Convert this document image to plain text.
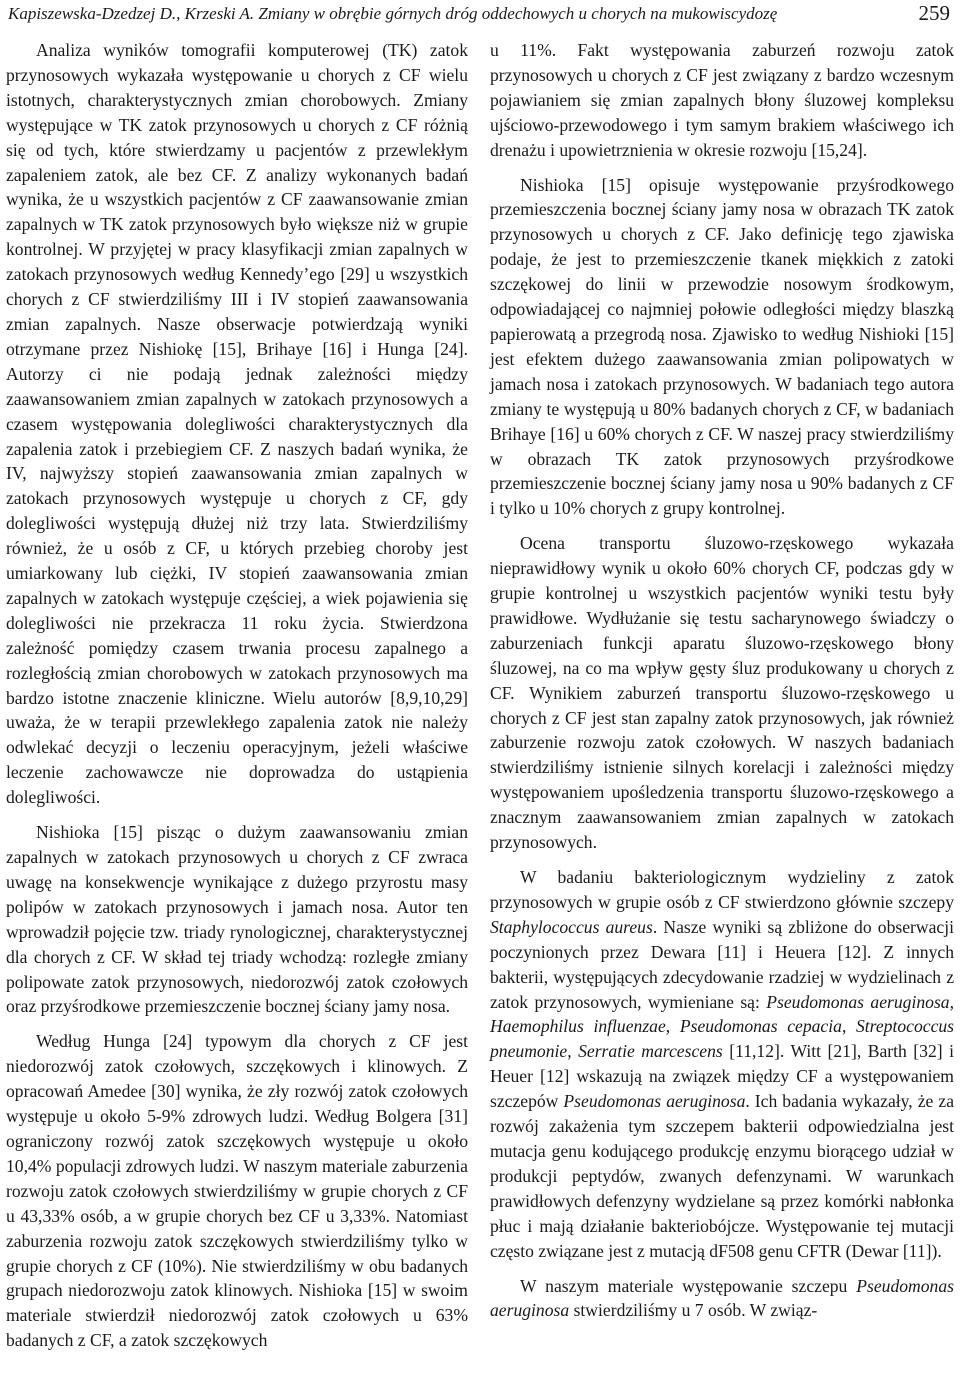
Kapiszewska-Dzedzej D., Krzeski A. Zmiany w obrębie górnych dróg oddechowych u chorych na mukowiscydozę	259

Analiza wyników tomografii komputerowej (TK) zatok przynosowych wykazała występowanie u chorych z CF wielu istotnych, charakterystycznych zmian chorobowych. Zmiany występujące w TK zatok przynosowych u chorych z CF różnią się od tych, które stwierdzamy u pacjentów z przewlekłym zapaleniem zatok, ale bez CF. Z analizy wykonanych badań wynika, że u wszystkich pacjentów z CF zaawansowanie zmian zapalnych w TK zatok przynosowych było większe niż w grupie kontrolnej. W przyjętej w pracy klasyfikacji zmian zapalnych w zatokach przynosowych według Kennedy’ego [29] u wszystkich chorych z CF stwierdziliśmy III i IV stopień zaawansowania zmian zapalnych. Nasze obserwacje potwierdzają wyniki otrzymane przez Nishiokę [15], Brihaye [16] i Hunga [24]. Autorzy ci nie podają jednak zależności między zaawansowaniem zmian zapalnych w zatokach przynosowych a czasem występowania dolegliwości charakterystycznych dla zapalenia zatok i przebiegiem CF. Z naszych badań wynika, że IV, najwyższy stopień zaawansowania zmian zapalnych w zatokach przynosowych występuje u chorych z CF, gdy dolegliwości występują dłużej niż trzy lata. Stwierdziliśmy również, że u osób z CF, u których przebieg choroby jest umiarkowany lub ciężki, IV stopień zaawansowania zmian zapalnych w zatokach występuje częściej, a wiek pojawienia się dolegliwości nie przekracza 11 roku życia. Stwierdzona zależność pomiędzy czasem trwania procesu zapalnego a rozległością zmian chorobowych w zatokach przynosowych ma bardzo istotne znaczenie kliniczne. Wielu autorów [8,9,10,29] uważa, że w terapii przewlekłego zapalenia zatok nie należy odwlekać decyzji o leczeniu operacyjnym, jeżeli właściwe leczenie zachowawcze nie doprowadza do ustąpienia dolegliwości.

Nishioka [15] pisząc o dużym zaawansowaniu zmian zapalnych w zatokach przynosowych u chorych z CF zwraca uwagę na konsekwencje wynikające z dużego przyrostu masy polipów w zatokach przynosowych i jamach nosa. Autor ten wprowadził pojęcie tzw. triady rynologicznej, charakterystycznej dla chorych z CF. W skład tej triady wchodzą: rozległe zmiany polipowate zatok przynosowych, niedorozwój zatok czołowych oraz przyśrodkowe przemieszczenie bocznej ściany jamy nosa.

Według Hunga [24] typowym dla chorych z CF jest niedorozwój zatok czołowych, szczękowych i klinowych. Z opracowań Amedee [30] wynika, że zły rozwój zatok czołowych występuje u około 5-9% zdrowych ludzi. Według Bolgera [31] ograniczony rozwój zatok szczękowych występuje u około 10,4% populacji zdrowych ludzi. W naszym materiale zaburzenia rozwoju zatok czołowych stwierdziliśmy w grupie chorych z CF u 43,33% osób, a w grupie chorych bez CF u 3,33%. Natomiast zaburzenia rozwoju zatok szczękowych stwierdziliśmy tylko w grupie chorych z CF (10%). Nie stwierdziliśmy w obu badanych grupach niedorozwoju zatok klinowych. Nishioka [15] w swoim materiale stwierdził niedorozwój zatok czołowych u 63% badanych z CF, a zatok szczękowych

u 11%. Fakt występowania zaburzeń rozwoju zatok przynosowych u chorych z CF jest związany z bardzo wczesnym pojawianiem się zmian zapalnych błony śluzowej kompleksu ujściowo-przewodowego i tym samym brakiem właściwego ich drenażu i upowietrznienia w okresie rozwoju [15,24].

Nishioka [15] opisuje występowanie przyśrodkowego przemieszczenia bocznej ściany jamy nosa w obrazach TK zatok przynosowych u chorych z CF. Jako definicję tego zjawiska podaje, że jest to przemieszczenie tkanek miękkich z zatoki szczękowej do linii w przewodzie nosowym środkowym, odpowiadającej co najmniej połowie odległości między blaszką papierowatą a przegrodą nosa. Zjawisko to według Nishioki [15] jest efektem dużego zaawansowania zmian polipowatych w jamach nosa i zatokach przynosowych. W badaniach tego autora zmiany te występują u 80% badanych chorych z CF, w badaniach Brihaye [16] u 60% chorych z CF. W naszej pracy stwierdziliśmy w obrazach TK zatok przynosowych przyśrodkowe przemieszczenie bocznej ściany jamy nosa u 90% badanych z CF i tylko u 10% chorych z grupy kontrolnej.

Ocena transportu śluzowo-rzęskowego wykazała nieprawidłowy wynik u około 60% chorych CF, podczas gdy w grupie kontrolnej u wszystkich pacjentów wyniki testu były prawidłowe. Wydłużanie się testu sacharynowego świadczy o zaburzeniach funkcji aparatu śluzowo-rzęskowego błony śluzowej, na co ma wpływ gęsty śluz produkowany u chorych z CF. Wynikiem zaburzeń transportu śluzowo-rzęskowego u chorych z CF jest stan zapalny zatok przynosowych, jak również zaburzenie rozwoju zatok czołowych. W naszych badaniach stwierdziliśmy istnienie silnych korelacji i zależności między występowaniem upośledzenia transportu śluzowo-rzęskowego a znacznym zaawansowaniem zmian zapalnych w zatokach przynosowych.

W badaniu bakteriologicznym wydzieliny z zatok przynosowych w grupie osób z CF stwierdzono głównie szczepy Staphylococcus aureus. Nasze wyniki są zbliżone do obserwacji poczynionych przez Dewara [11] i Heuera [12]. Z innych bakterii, występujących zdecydowanie rzadziej w wydzielinach z zatok przynosowych, wymieniane są: Pseudomonas aeruginosa, Haemophilus influenzae, Pseudomonas cepacia, Streptococcus pneumonie, Serratie marcescens [11,12]. Witt [21], Barth [32] i Heuer [12] wskazują na związek między CF a występowaniem szczepów Pseudomonas aeruginosa. Ich badania wykazały, że za rozwój zakażenia tym szczepem bakterii odpowiedzialna jest mutacja genu kodującego produkcję enzymu biorącego udział w produkcji peptydów, zwanych defenzynami. W warunkach prawidłowych defenzyny wydzielane są przez komórki nabłonka płuc i mają działanie bakteriobójcze. Występowanie tej mutacji często związane jest z mutacją dF508 genu CFTR (Dewar [11]).

W naszym materiale występowanie szczepu Pseudomonas aeruginosa stwierdziliśmy u 7 osób. W związ-
